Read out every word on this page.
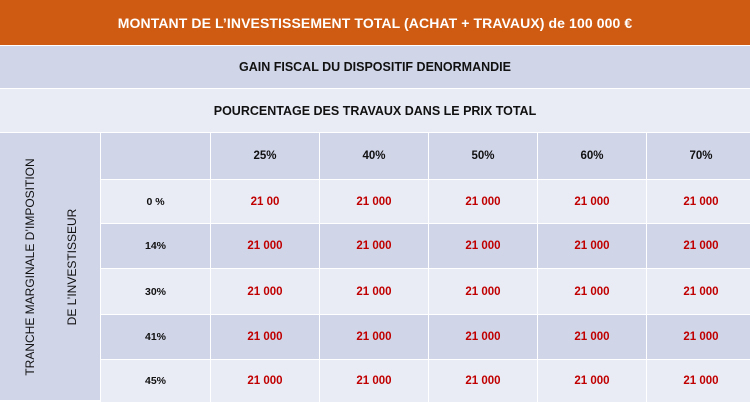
MONTANT DE L’INVESTISSEMENT TOTAL (ACHAT + TRAVAUX) de 100 000 €
GAIN FISCAL DU DISPOSITIF DENORMANDIE
POURCENTAGE DES TRAVAUX DANS LE PRIX TOTAL
TRANCHE MARGINALE D’IMPOSITION DE L’INVESTISSEUR
25%	40%	50%	60%	70%
0 %	21 00	21 000	21 000	21 000	21 000
14%	21 000	21 000	21 000	21 000	21 000
30%	21 000	21 000	21 000	21 000	21 000
41%	21 000	21 000	21 000	21 000	21 000
45%	21 000	21 000	21 000	21 000	21 000
